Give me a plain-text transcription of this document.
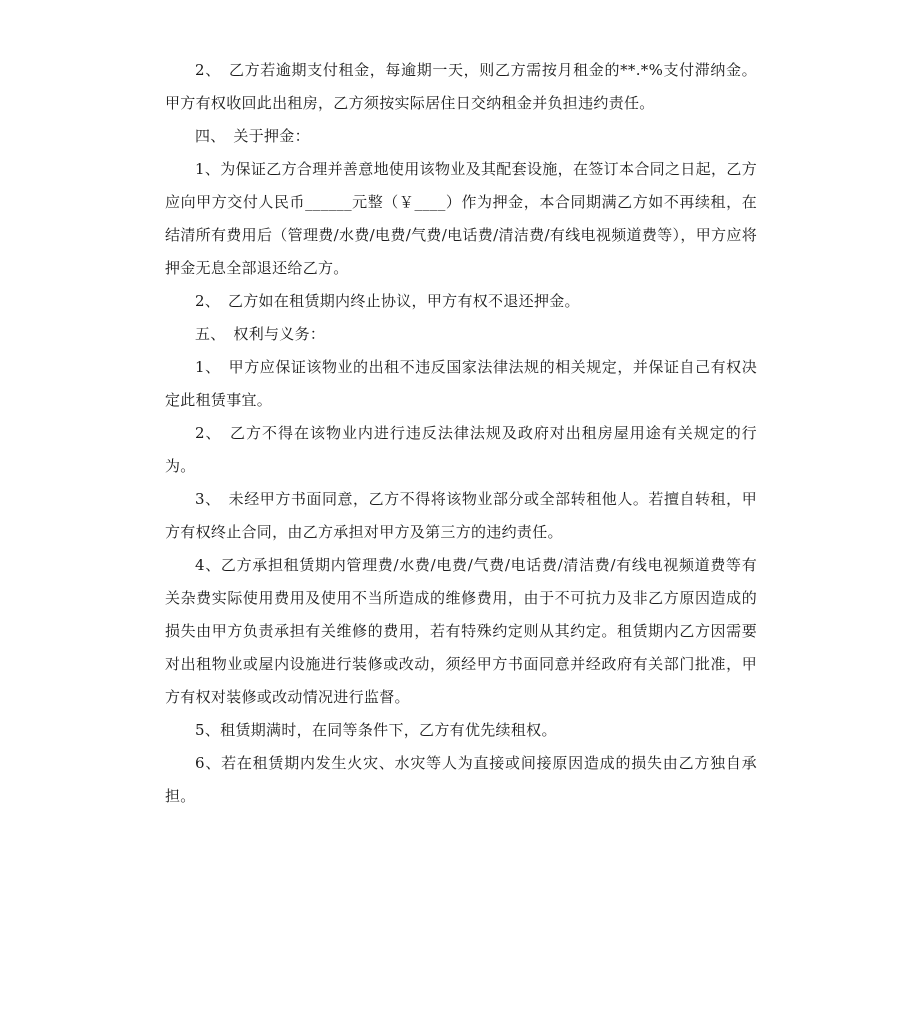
2、　乙方若逾期支付租金，每逾期一天，则乙方需按月租金的**.*%支付滞纳金。甲方有权收回此出租房，乙方须按实际居住日交纳租金并负担违约责任。

四、　关于押金：

1、为保证乙方合理并善意地使用该物业及其配套设施，在签订本合同之日起，乙方应向甲方交付人民币______元整（￥____）作为押金，本合同期满乙方如不再续租，在结清所有费用后（管理费/水费/电费/气费/电话费/清洁费/有线电视频道费等），甲方应将押金无息全部退还给乙方。

2、　乙方如在租赁期内终止协议，甲方有权不退还押金。

五、　权利与义务：

1、　甲方应保证该物业的出租不违反国家法律法规的相关规定，并保证自己有权决定此租赁事宜。

2、　乙方不得在该物业内进行违反法律法规及政府对出租房屋用途有关规定的行为。

3、　未经甲方书面同意，乙方不得将该物业部分或全部转租他人。若擅自转租，甲方有权终止合同，由乙方承担对甲方及第三方的违约责任。

4、乙方承担租赁期内管理费/水费/电费/气费/电话费/清洁费/有线电视频道费等有关杂费实际使用费用及使用不当所造成的维修费用，由于不可抗力及非乙方原因造成的损失由甲方负责承担有关维修的费用，若有特殊约定则从其约定。租赁期内乙方因需要对出租物业或屋内设施进行装修或改动，须经甲方书面同意并经政府有关部门批准，甲方有权对装修或改动情况进行监督。

5、租赁期满时，在同等条件下，乙方有优先续租权。

6、若在租赁期内发生火灾、水灾等人为直接或间接原因造成的损失由乙方独自承担。
